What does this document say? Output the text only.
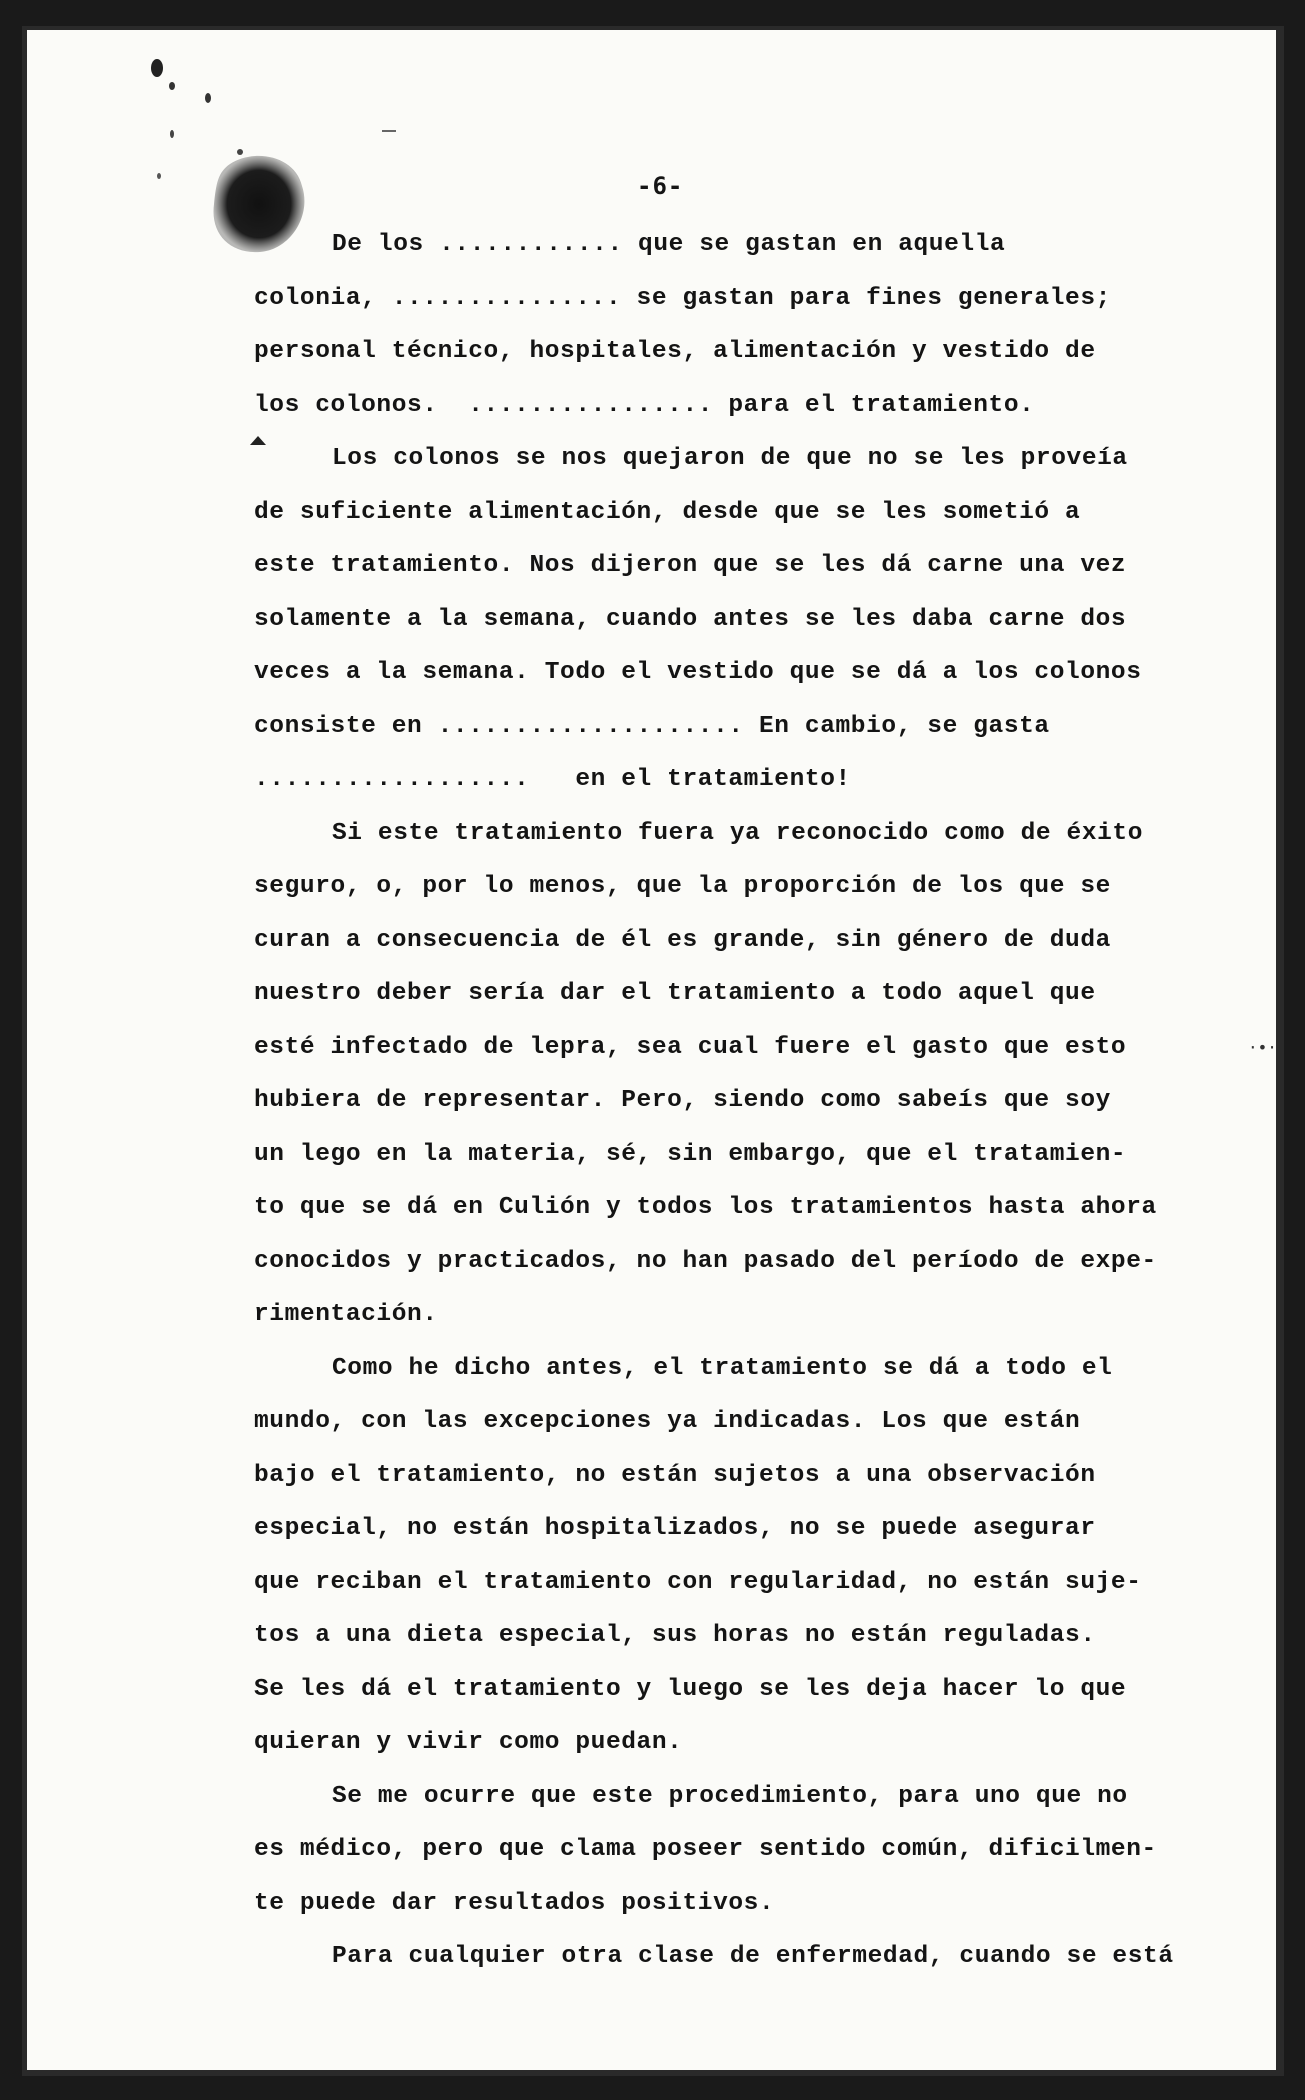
-6-
·•·
De los ............ que se gastan en aquella
colonia, ............... se gastan para fines generales;
personal técnico, hospitales, alimentación y vestido de
los colonos.  ................ para el tratamiento.
Los colonos se nos quejaron de que no se les proveía
de suficiente alimentación, desde que se les sometió a
este tratamiento. Nos dijeron que se les dá carne una vez
solamente a la semana, cuando antes se les daba carne dos
veces a la semana. Todo el vestido que se dá a los colonos
consiste en .................... En cambio, se gasta
..................   en el tratamiento!
Si este tratamiento fuera ya reconocido como de éxito
seguro, o, por lo menos, que la proporción de los que se
curan a consecuencia de él es grande, sin género de duda
nuestro deber sería dar el tratamiento a todo aquel que
esté infectado de lepra, sea cual fuere el gasto que esto
hubiera de representar. Pero, siendo como sabeís que soy
un lego en la materia, sé, sin embargo, que el tratamien-
to que se dá en Culión y todos los tratamientos hasta ahora
conocidos y practicados, no han pasado del período de expe-
rimentación.
Como he dicho antes, el tratamiento se dá a todo el
mundo, con las excepciones ya indicadas. Los que están
bajo el tratamiento, no están sujetos a una observación
especial, no están hospitalizados, no se puede asegurar
que reciban el tratamiento con regularidad, no están suje-
tos a una dieta especial, sus horas no están reguladas.
Se les dá el tratamiento y luego se les deja hacer lo que
quieran y vivir como puedan.
Se me ocurre que este procedimiento, para uno que no
es médico, pero que clama poseer sentido común, dificilmen-
te puede dar resultados positivos.
Para cualquier otra clase de enfermedad, cuando se está
